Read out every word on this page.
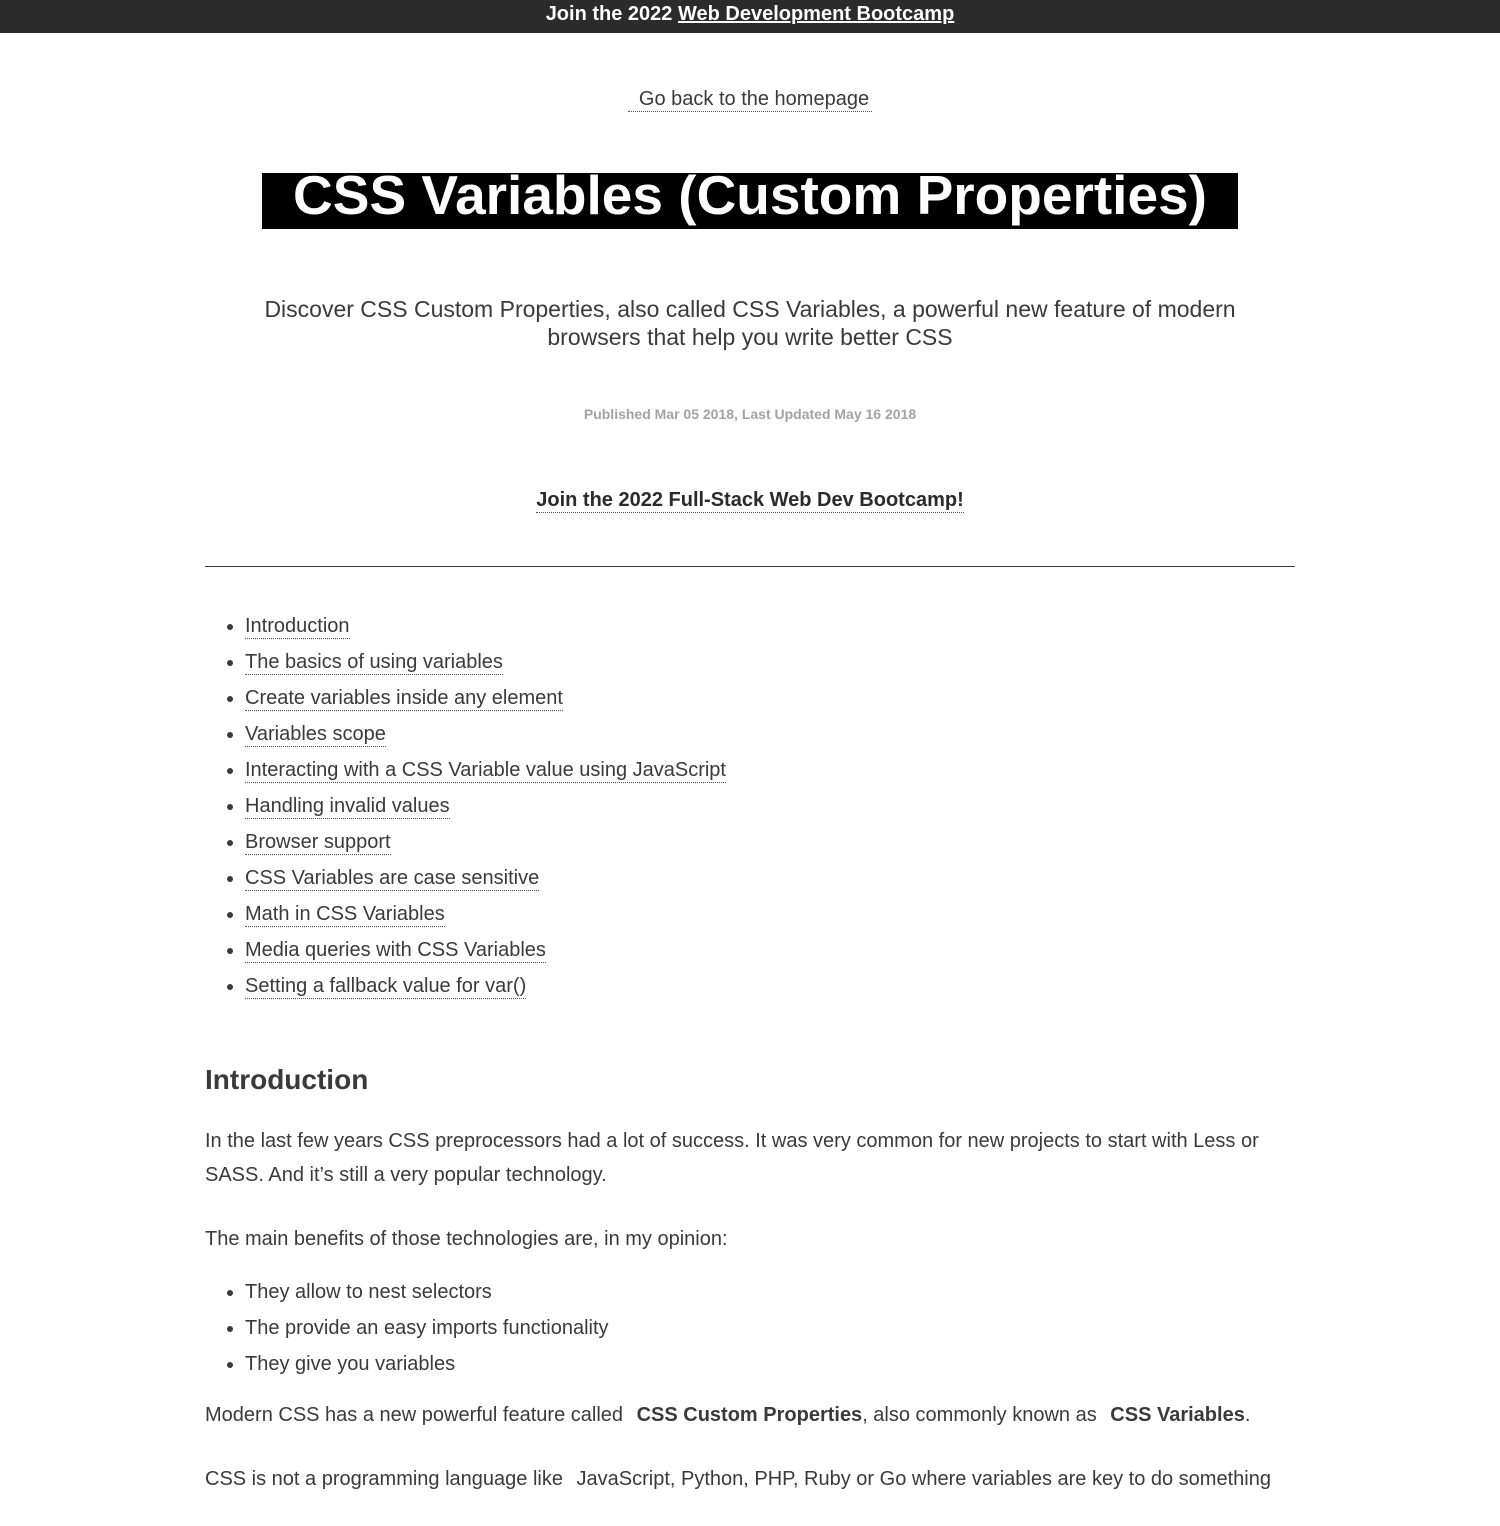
Join the 2022 Web Development Bootcamp
Go back to the homepage
CSS Variables (Custom Properties)
Discover CSS Custom Properties, also called CSS Variables, a powerful new feature of modern browsers that help you write better CSS
Published Mar 05 2018, Last Updated May 16 2018
Join the 2022 Full-Stack Web Dev Bootcamp!
• Introduction
• The basics of using variables
• Create variables inside any element
• Variables scope
• Interacting with a CSS Variable value using JavaScript
• Handling invalid values
• Browser support
• CSS Variables are case sensitive
• Math in CSS Variables
• Media queries with CSS Variables
• Setting a fallback value for var()
Introduction

In the last few years CSS preprocessors had a lot of success. It was very common for new projects to start with Less or SASS. And it’s still a very popular technology.

The main benefits of those technologies are, in my opinion:

• They allow to nest selectors
• The provide an easy imports functionality
• They give you variables

Modern CSS has a new powerful feature called CSS Custom Properties, also commonly known as CSS Variables.

CSS is not a programming language like JavaScript, Python, PHP, Ruby or Go where variables are key to do something
